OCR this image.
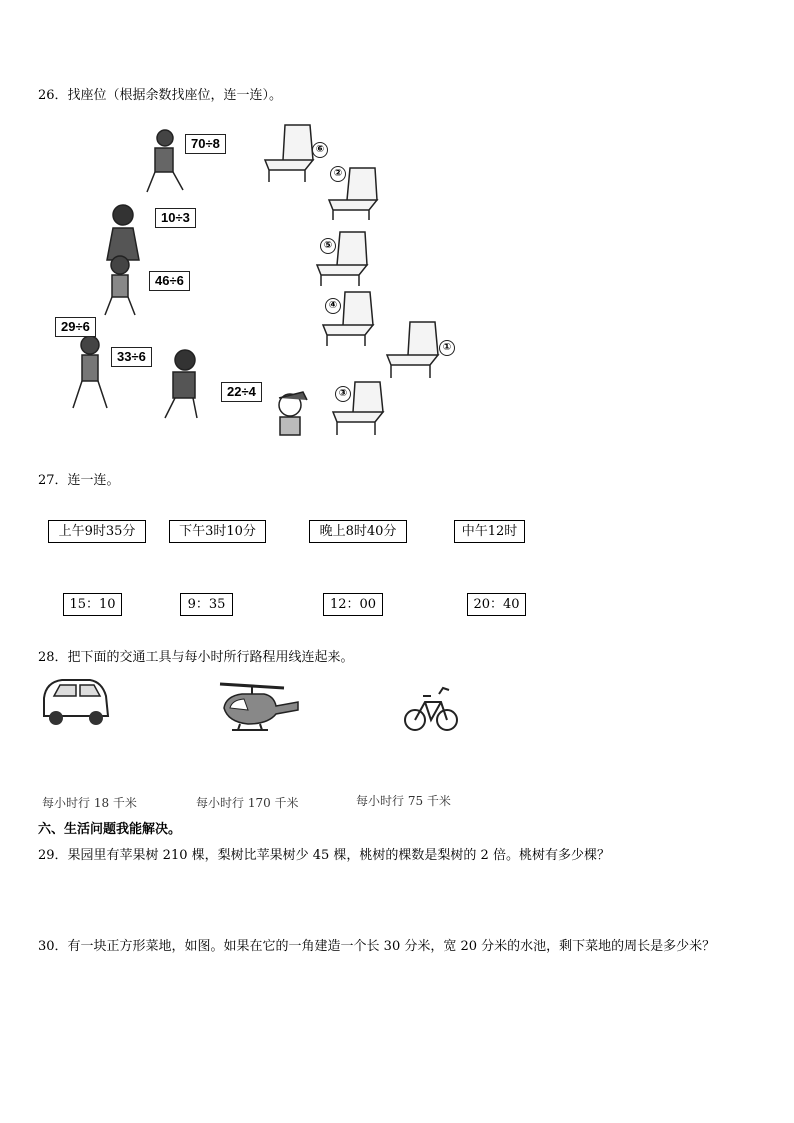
26．找座位（根据余数找座位，连一连）。
70÷8
10÷3
46÷6
29÷6
33÷6
22÷4
⑥
②
⑤
④
①
③
27．连一连。
上午9时35分	下午3时10分	晚上8时40分	中午12时
15：10	9：35	12：00	20：40
28．把下面的交通工具与每小时所行路程用线连起来。
每小时行 18 千米	每小时行 170 千米	每小时行 75 千米
六、生活问题我能解决。
29．果园里有苹果树 210 棵，梨树比苹果树少 45 棵，桃树的棵数是梨树的 2 倍。桃树有多少棵？
30．有一块正方形菜地，如图。如果在它的一角建造一个长 30 分米，宽 20 分米的水池，剩下菜地的周长是多少米？
